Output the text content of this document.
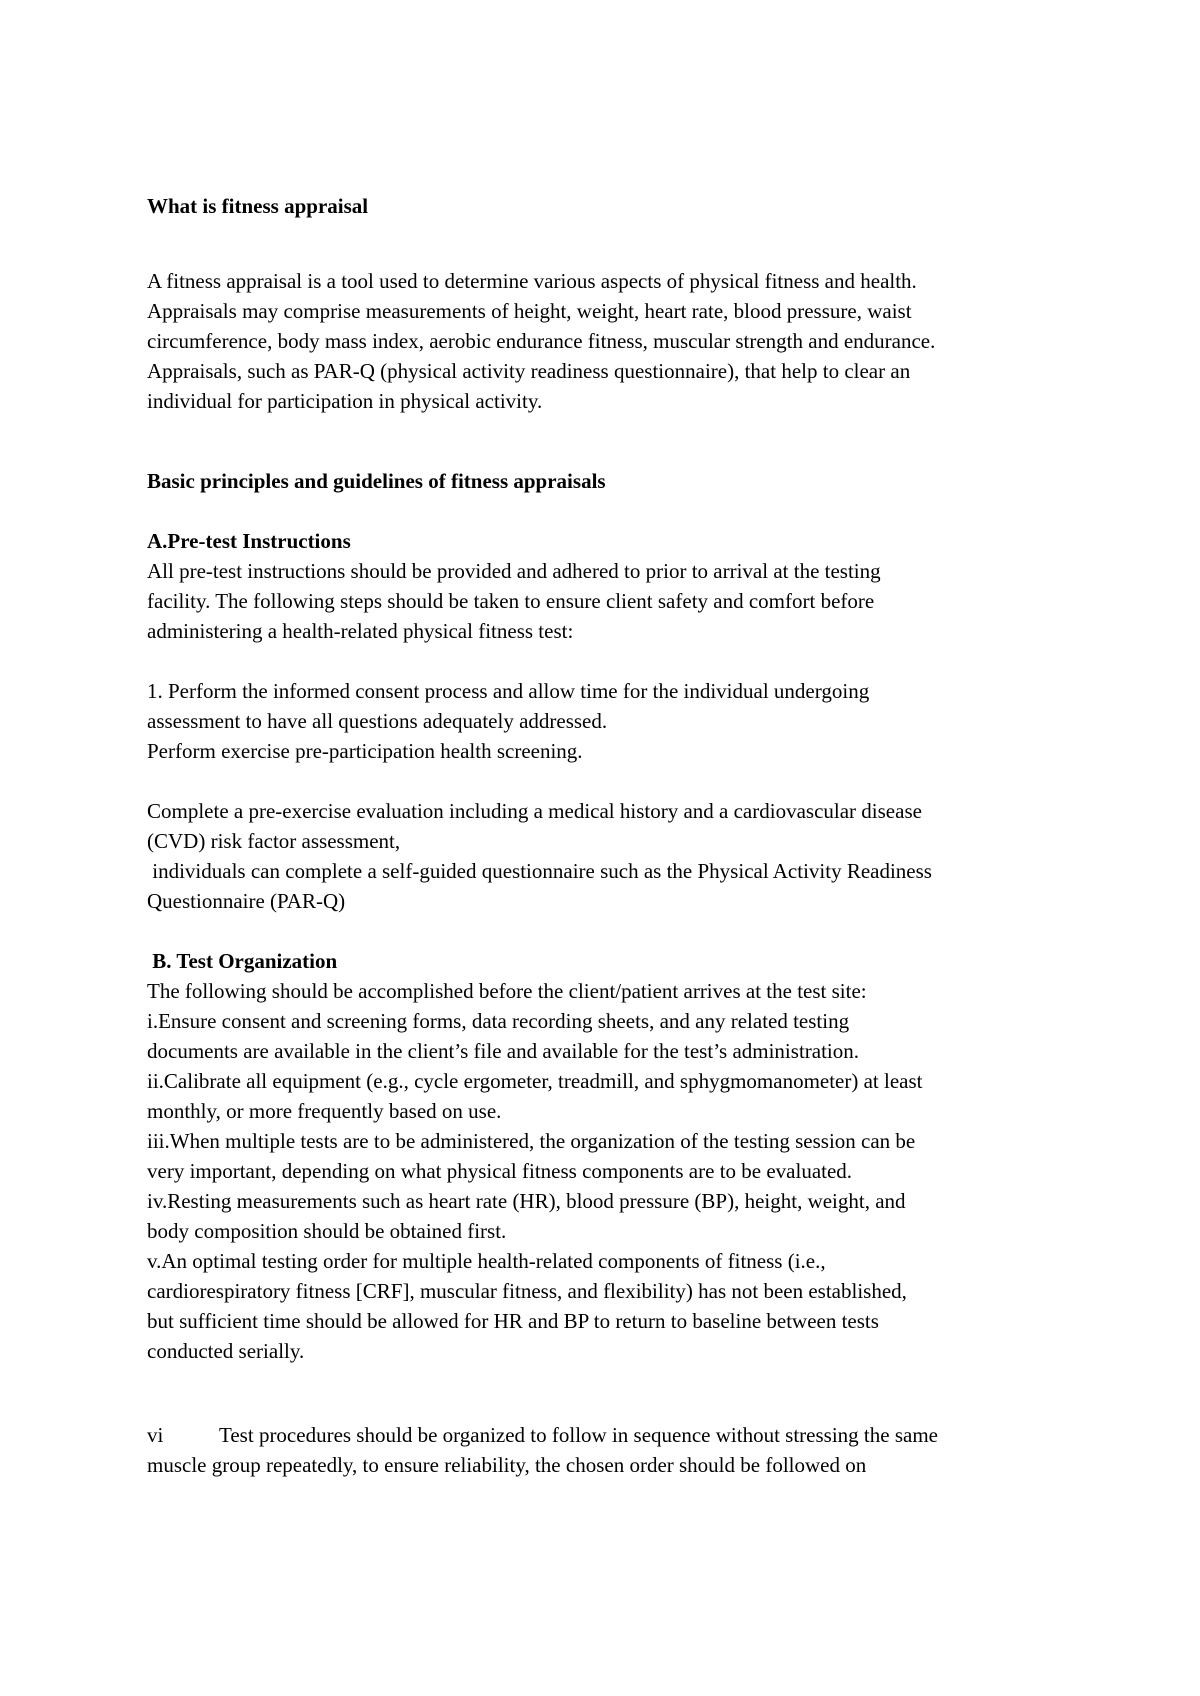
What is fitness appraisal
A fitness appraisal is a tool used to determine various aspects of physical fitness and health.
Appraisals may comprise measurements of height, weight, heart rate, blood pressure, waist
circumference, body mass index, aerobic endurance fitness, muscular strength and endurance.
Appraisals, such as PAR-Q (physical activity readiness questionnaire), that help to clear an
individual for participation in physical activity.
Basic principles and guidelines of fitness appraisals
A.Pre-test Instructions
All pre-test instructions should be provided and adhered to prior to arrival at the testing
facility. The following steps should be taken to ensure client safety and comfort before
administering a health-related physical fitness test:
1. Perform the informed consent process and allow time for the individual undergoing
assessment to have all questions adequately addressed.
Perform exercise pre-participation health screening.
Complete a pre-exercise evaluation including a medical history and a cardiovascular disease
(CVD) risk factor assessment,
individuals can complete a self-guided questionnaire such as the Physical Activity Readiness
Questionnaire (PAR-Q)
B. Test Organization
The following should be accomplished before the client/patient arrives at the test site:
i.Ensure consent and screening forms, data recording sheets, and any related testing
documents are available in the client’s file and available for the test’s administration.
ii.Calibrate all equipment (e.g., cycle ergometer, treadmill, and sphygmomanometer) at least
monthly, or more frequently based on use.
iii.When multiple tests are to be administered, the organization of the testing session can be
very important, depending on what physical fitness components are to be evaluated.
iv.Resting measurements such as heart rate (HR), blood pressure (BP), height, weight, and
body composition should be obtained first.
v.An optimal testing order for multiple health-related components of fitness (i.e.,
cardiorespiratory fitness [CRF], muscular fitness, and flexibility) has not been established,
but sufficient time should be allowed for HR and BP to return to baseline between tests
conducted serially.
vi	Test procedures should be organized to follow in sequence without stressing the same
muscle group repeatedly, to ensure reliability, the chosen order should be followed on
